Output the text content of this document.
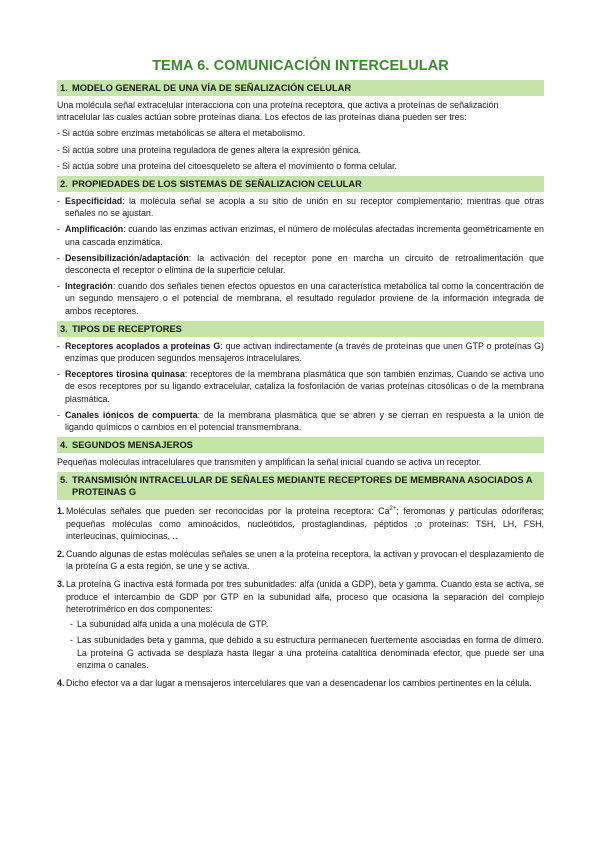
TEMA 6. COMUNICACIÓN INTERCELULAR
1. MODELO GENERAL DE UNA VÍA DE SEÑALIZACIÓN CELULAR

Una molécula señal extracelular interacciona con una proteína receptora, que activa a proteínas de señalización intracelular las cuales actúan sobre proteínas diana. Los efectos de las proteínas diana pueden ser tres:

- Si actúa sobre enzimas metabólicas se altera el metabolismo.
- Si actúa sobre una proteína reguladora de genes altera la expresión génica.
- Si actúa sobre una proteína del citoesqueleto se altera el movimiento o forma celular.
2. PROPIEDADES DE LOS SISTEMAS DE SEÑALIZACION CELULAR
- Especificidad: la molécula señal se acopla a su sitio de unión en su receptor complementario; mientras que otras señales no se ajustan.
- Amplificación: cuando las enzimas activan enzimas, el número de moléculas afectadas incrementa geométricamente en una cascada enzimática.
- Desensibilización/adaptación: la activación del receptor pone en marcha un circuito de retroalimentación que desconecta el receptor o elimina de la superficie celular.
- Integración: cuando dos señales tienen efectos opuestos en una característica metabólica tal como la concentración de un segundo mensajero o el potencial de membrana, el resultado regulador proviene de la información integrada de ambos receptores.
3. TIPOS DE RECEPTORES
- Receptores acoplados a proteínas G: que activan indirectamente (a través de proteínas que unen GTP o proteínas G) enzimas que producen segundos mensajeros intracelulares.
- Receptores tirosina quinasa: receptores de la membrana plasmática que son también enzimas. Cuando se activa uno de esos receptores por su ligando extracelular, cataliza la fosforilación de varias proteínas citosólicas o de la membrana plasmática.
- Canales iónicos de compuerta: de la membrana plasmática que se abren y se cierran en respuesta a la unión de ligando químicos o cambios en el potencial transmembrana.
4. SEGUNDOS MENSAJEROS

Pequeñas moléculas intracelulares que transmiten y amplifican la señal inicial cuando se activa un receptor.

5. TRANSMISIÓN INTRACELULAR DE SEÑALES MEDIANTE RECEPTORES DE MEMBRANA ASOCIADOS A PROTEINAS G
1. Moléculas señales que pueden ser reconocidas por la proteína receptora: $Ca^{2+}$; feromonas y partículas odoríferas; pequeñas moléculas como aminoácidos, nucleótidos, prostaglandinas, péptidos ;o proteínas: TSH, LH, FSH, interleucinas, quimiocinas, ..
2. Cuando algunas de estas moléculas señales se unen a la proteína receptora, la activan y provocan el desplazamiento de la proteína G a esta región, se une y se activa.
3. La proteína G inactiva está formada por tres subunidades: alfa (unida a GDP), beta y gamma. Cuando esta se activa, se produce el intercambio de GDP por GTP en la subunidad alfa, proceso que ocasiona la separación del complejo heterotrimérico en dos componentes:
- La subunidad alfa unida a una molécula de GTP.
- Las subunidades beta y gamma, que debido a su estructura permanecen fuertemente asociadas en forma de dímero. La proteína G activada se desplaza hasta llegar a una proteína catalítica denominada efector, que puede ser una enzima o canales.
4. Dicho efector va a dar lugar a mensajeros intercelulares que van a desencadenar los cambios pertinentes en la célula.
